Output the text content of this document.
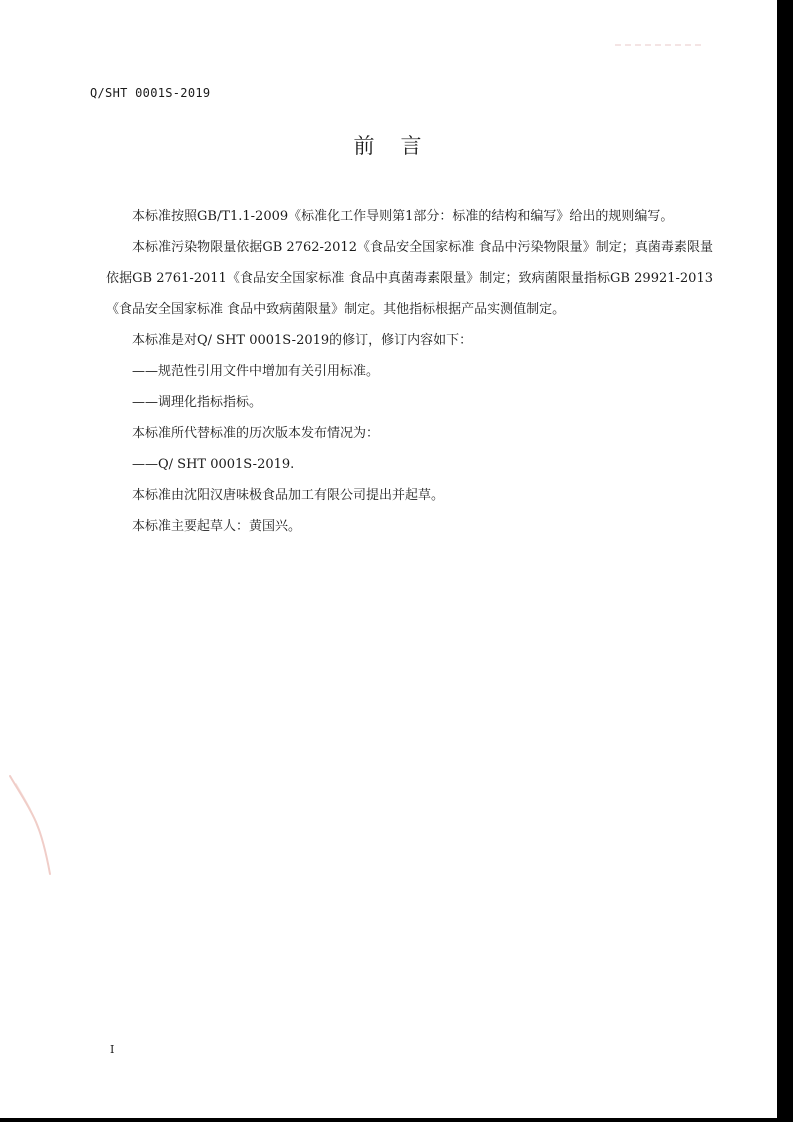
Q/SHT 0001S-2019
前言

本标准按照GB/T1.1-2009《标准化工作导则第1部分：标准的结构和编写》给出的规则编写。

本标准污染物限量依据GB 2762-2012《食品安全国家标准 食品中污染物限量》制定；真菌毒素限量依据GB 2761-2011《食品安全国家标准 食品中真菌毒素限量》制定；致病菌限量指标GB 29921-2013《食品安全国家标准 食品中致病菌限量》制定。其他指标根据产品实测值制定。

本标准是对Q/ SHT 0001S-2019的修订，修订内容如下：

——规范性引用文件中增加有关引用标准。

——调理化指标指标。

本标准所代替标准的历次版本发布情况为：

——Q/ SHT 0001S-2019.

本标准由沈阳汉唐味极食品加工有限公司提出并起草。

本标准主要起草人：黄国兴。

I
